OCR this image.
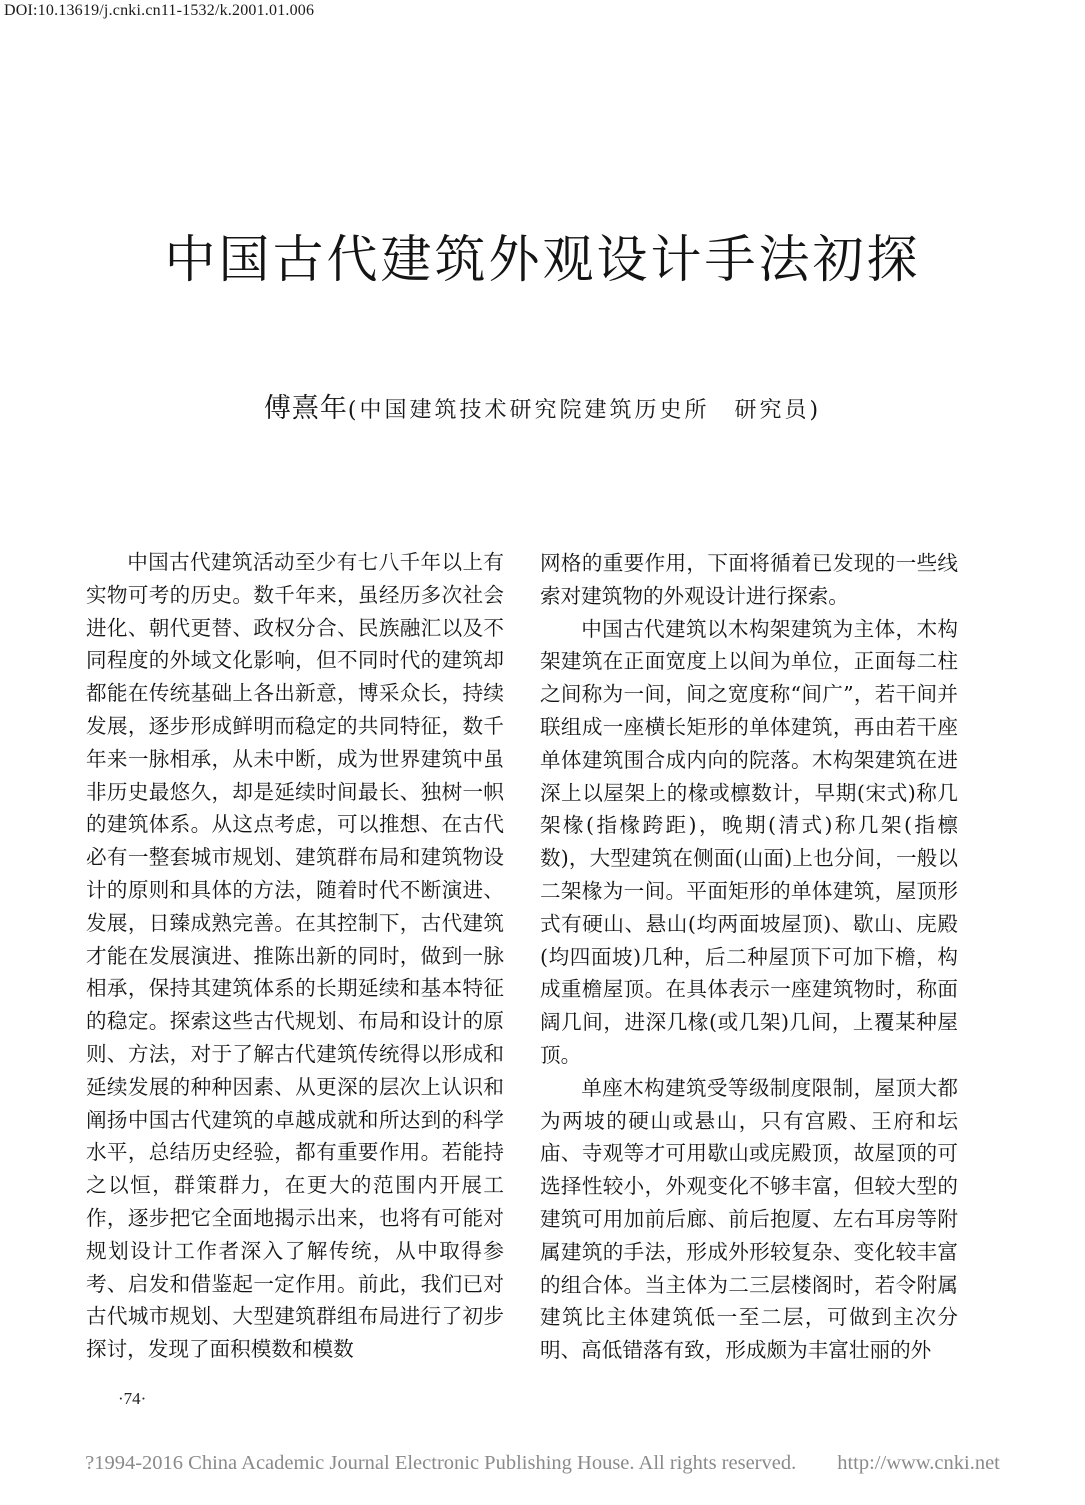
DOI:10.13619/j.cnki.cn11-1532/k.2001.01.006
中国古代建筑外观设计手法初探
傅熹年(中国建筑技术研究院建筑历史所　研究员)

中国古代建筑活动至少有七八千年以上有实物可考的历史。数千年来，虽经历多次社会进化、朝代更替、政权分合、民族融汇以及不同程度的外域文化影响，但不同时代的建筑却都能在传统基础上各出新意，博采众长，持续发展，逐步形成鲜明而稳定的共同特征，数千年来一脉相承，从未中断，成为世界建筑中虽非历史最悠久，却是延续时间最长、独树一帜的建筑体系。从这点考虑，可以推想、在古代必有一整套城市规划、建筑群布局和建筑物设计的原则和具体的方法，随着时代不断演进、发展，日臻成熟完善。在其控制下，古代建筑才能在发展演进、推陈出新的同时，做到一脉相承，保持其建筑体系的长期延续和基本特征的稳定。探索这些古代规划、布局和设计的原则、方法，对于了解古代建筑传统得以形成和延续发展的种种因素、从更深的层次上认识和阐扬中国古代建筑的卓越成就和所达到的科学水平，总结历史经验，都有重要作用。若能持之以恒，群策群力，在更大的范围内开展工作，逐步把它全面地揭示出来，也将有可能对规划设计工作者深入了解传统，从中取得参考、启发和借鉴起一定作用。前此，我们已对古代城市规划、大型建筑群组布局进行了初步探讨，发现了面积模数和模数

网格的重要作用，下面将循着已发现的一些线索对建筑物的外观设计进行探索。

中国古代建筑以木构架建筑为主体，木构架建筑在正面宽度上以间为单位，正面每二柱之间称为一间，间之宽度称“间广”，若干间并联组成一座横长矩形的单体建筑，再由若干座单体建筑围合成内向的院落。木构架建筑在进深上以屋架上的椽或檩数计，早期(宋式)称几架椽(指椽跨距)，晚期(清式)称几架(指檩数)，大型建筑在侧面(山面)上也分间，一般以二架椽为一间。平面矩形的单体建筑，屋顶形式有硬山、悬山(均两面坡屋顶)、歇山、庑殿(均四面坡)几种，后二种屋顶下可加下檐，构成重檐屋顶。在具体表示一座建筑物时，称面阔几间，进深几椽(或几架)几间，上覆某种屋顶。

单座木构建筑受等级制度限制，屋顶大都为两坡的硬山或悬山，只有宫殿、王府和坛庙、寺观等才可用歇山或庑殿顶，故屋顶的可选择性较小，外观变化不够丰富，但较大型的建筑可用加前后廊、前后抱厦、左右耳房等附属建筑的手法，形成外形较复杂、变化较丰富的组合体。当主体为二三层楼阁时，若令附属建筑比主体建筑低一至二层，可做到主次分明、高低错落有致，形成颇为丰富壮丽的外

·74·
?1994-2016 China Academic Journal Electronic Publishing House. All rights reserved.　　http://www.cnki.net
